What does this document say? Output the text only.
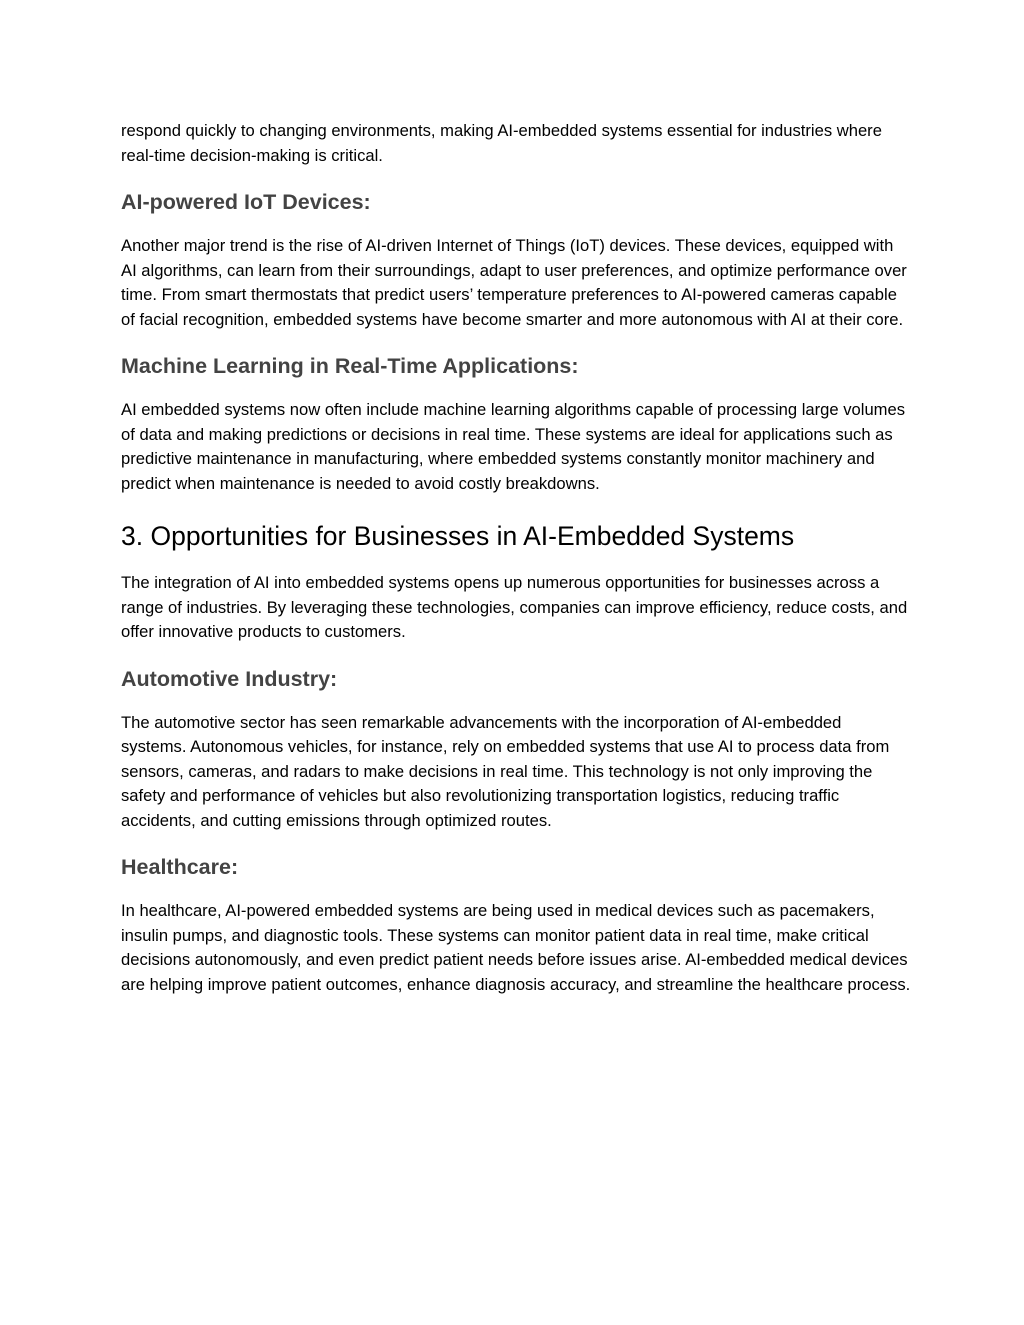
respond quickly to changing environments, making AI-embedded systems essential for industries where real-time decision-making is critical.

AI-powered IoT Devices:

Another major trend is the rise of AI-driven Internet of Things (IoT) devices. These devices, equipped with AI algorithms, can learn from their surroundings, adapt to user preferences, and optimize performance over time. From smart thermostats that predict users’ temperature preferences to AI-powered cameras capable of facial recognition, embedded systems have become smarter and more autonomous with AI at their core.

Machine Learning in Real-Time Applications:

AI embedded systems now often include machine learning algorithms capable of processing large volumes of data and making predictions or decisions in real time. These systems are ideal for applications such as predictive maintenance in manufacturing, where embedded systems constantly monitor machinery and predict when maintenance is needed to avoid costly breakdowns.

3. Opportunities for Businesses in AI-Embedded Systems

The integration of AI into embedded systems opens up numerous opportunities for businesses across a range of industries. By leveraging these technologies, companies can improve efficiency, reduce costs, and offer innovative products to customers.

Automotive Industry:

The automotive sector has seen remarkable advancements with the incorporation of AI-embedded systems. Autonomous vehicles, for instance, rely on embedded systems that use AI to process data from sensors, cameras, and radars to make decisions in real time. This technology is not only improving the safety and performance of vehicles but also revolutionizing transportation logistics, reducing traffic accidents, and cutting emissions through optimized routes.

Healthcare:

In healthcare, AI-powered embedded systems are being used in medical devices such as pacemakers, insulin pumps, and diagnostic tools. These systems can monitor patient data in real time, make critical decisions autonomously, and even predict patient needs before issues arise. AI-embedded medical devices are helping improve patient outcomes, enhance diagnosis accuracy, and streamline the healthcare process.
